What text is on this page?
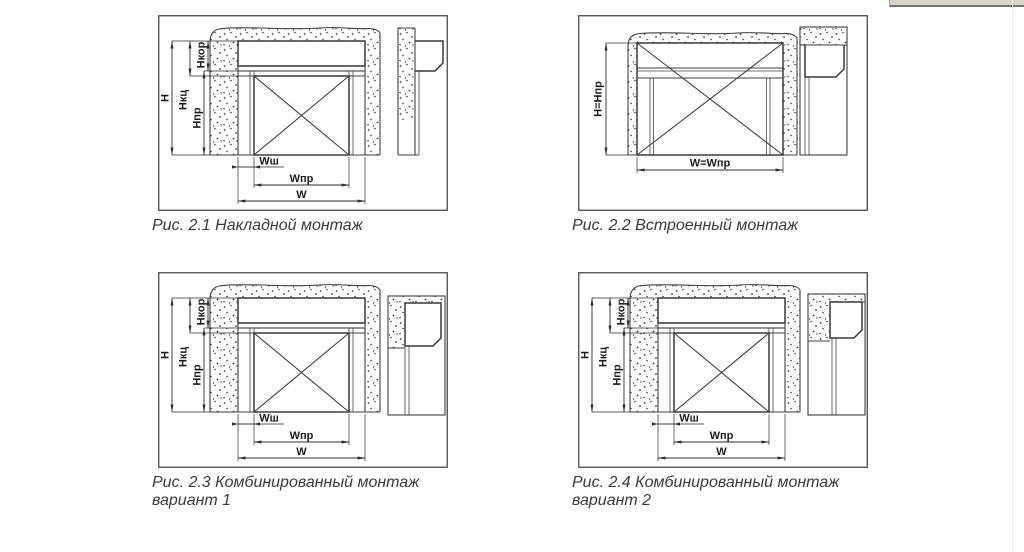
Н Нкц
Нпр
Нкор
Wш
Wпр
W
Рис. 2.1 Накладной монтаж
Н=Нпр
W=Wпр
Рис. 2.2 Встроенный монтаж
Н Нкц
Нпр
Нкор
Wш
Wпр
W
Рис. 2.3 Комбинированный монтаж
вариант 1
Н Нкц
Нпр
Нкор
Wш
Wпр
W
Рис. 2.4 Комбинированный монтаж
вариант 2
